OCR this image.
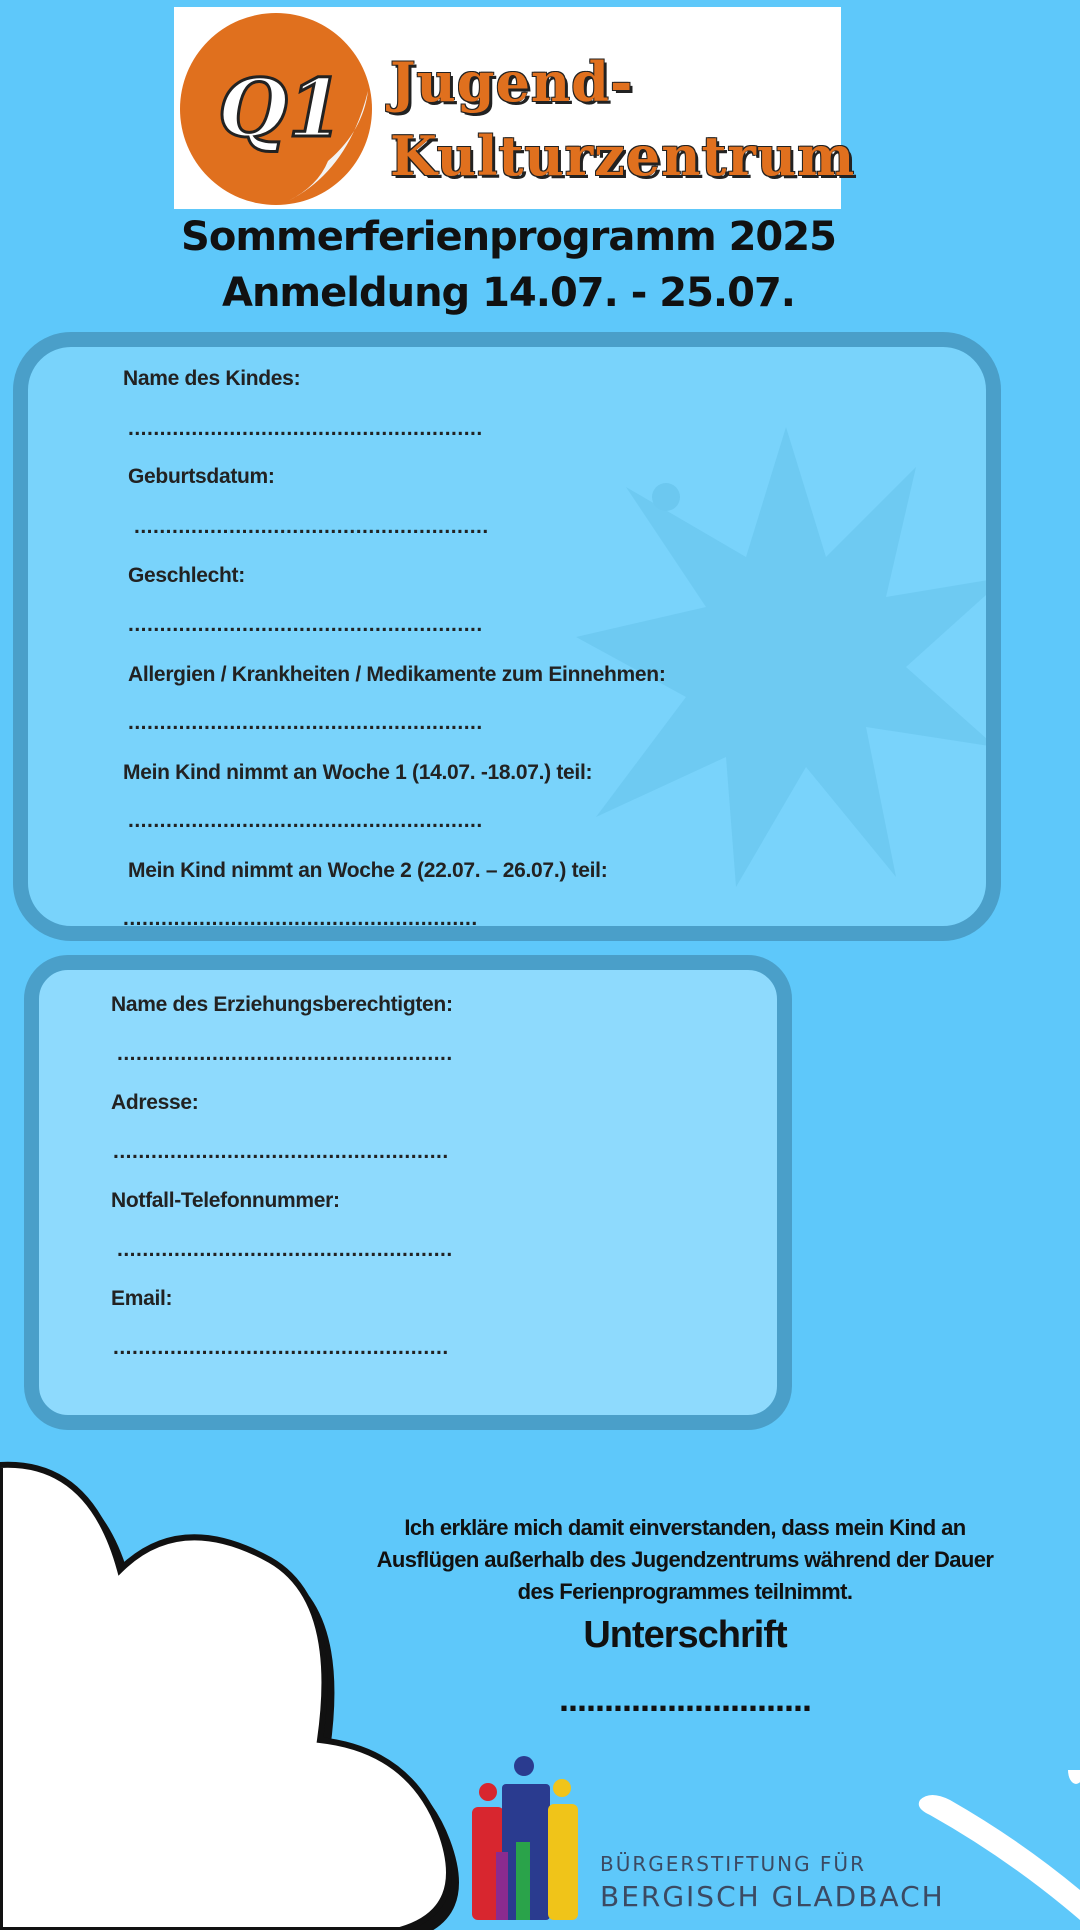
Q1 Jugend-
Kulturzentrum
Sommerferienprogramm 2025
Anmeldung 14.07. - 25.07.
Name des Kindes:
........................................................
Geburtsdatum:
........................................................
Geschlecht:
........................................................
Allergien / Krankheiten / Medikamente zum Einnehmen:
........................................................
Mein Kind nimmt an Woche 1 (14.07. -18.07.) teil:
........................................................
Mein Kind nimmt an Woche 2 (22.07. – 26.07.) teil:
........................................................
Name des Erziehungsberechtigten:
.....................................................
Adresse:
.....................................................
Notfall-Telefonnummer:
.....................................................
Email:
.....................................................
Ich erkläre mich damit einverstanden, dass mein Kind an Ausflügen außerhalb des Jugendzentrums während der Dauer des Ferienprogrammes teilnimmt.
Unterschrift
............................
BÜRGERSTIFTUNG FÜR
BERGISCH GLADBACH
